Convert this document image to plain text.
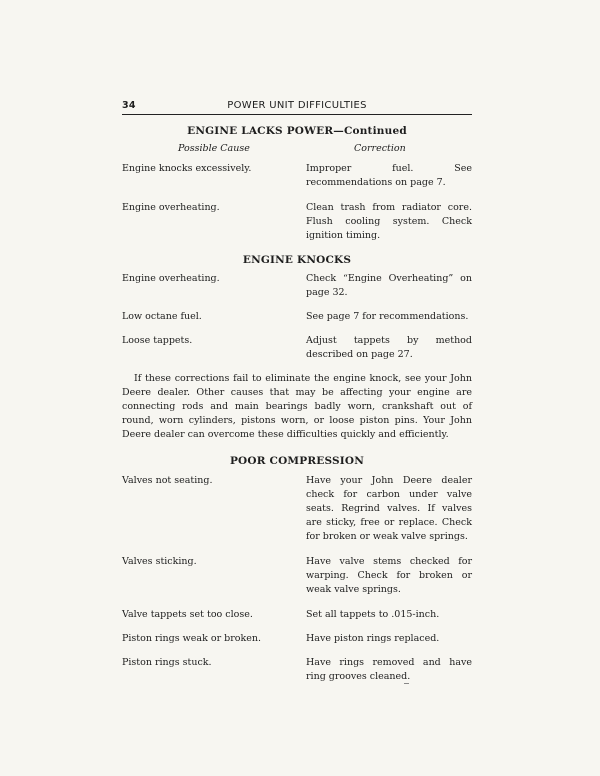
34	POWER UNIT DIFFICULTIES
ENGINE LACKS POWER—Continued
Possible Cause	Correction
Engine knocks excessively.	Improper fuel. See recommendations on page 7.
Engine overheating.	Clean trash from radiator core. Flush cooling system. Check ignition timing.
ENGINE KNOCKS
Engine overheating.	Check “Engine Overheating” on page 32.
Low octane fuel.	See page 7 for recommendations.
Loose tappets.	Adjust tappets by method described on page 27.

If these corrections fail to eliminate the engine knock, see your John Deere dealer. Other causes that may be affecting your engine are connecting rods and main bearings badly worn, crankshaft out of round, worn cylinders, pistons worn, or loose piston pins. Your John Deere dealer can overcome these difficulties quickly and efficiently.

POOR COMPRESSION
Valves not seating.	Have your John Deere dealer check for carbon under valve seats. Regrind valves. If valves are sticky, free or replace. Check for broken or weak valve springs.
Valves sticking.	Have valve stems checked for warping. Check for broken or weak valve springs.
Valve tappets set too close.	Set all tappets to .015-inch.
Piston rings weak or broken.	Have piston rings replaced.
Piston rings stuck.	Have rings removed and have ring grooves cleaned.
